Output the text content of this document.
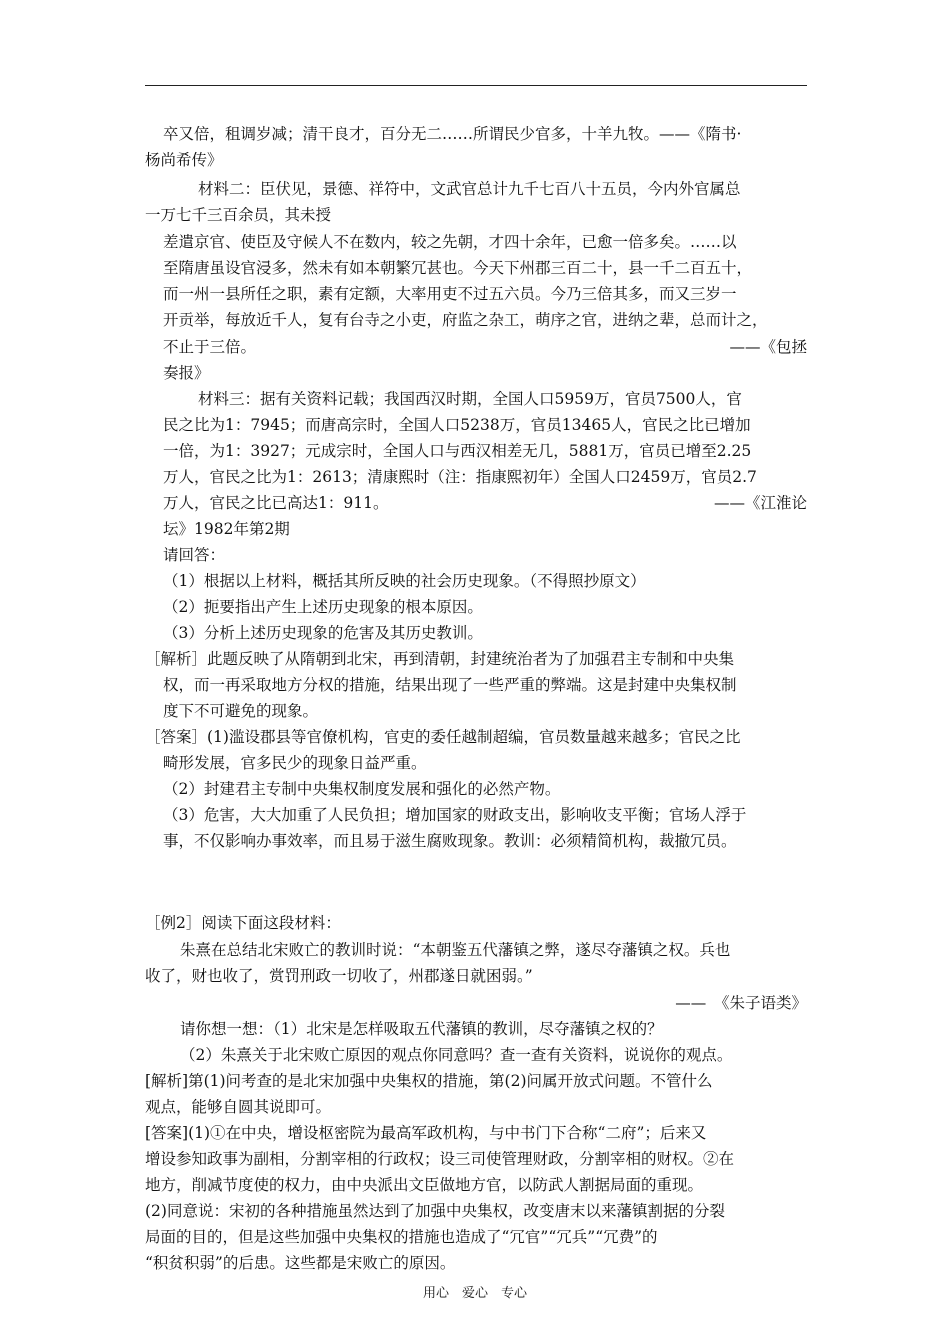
卒又倍，租调岁减；清干良才，百分无二……所谓民少官多，十羊九牧。——《隋书·
杨尚希传》
材料二：臣伏见，景德、祥符中，文武官总计九千七百八十五员，今内外官属总
一万七千三百余员，其未授
差遣京官、使臣及守候人不在数内，较之先朝，才四十余年，已愈一倍多矣。……以
至隋唐虽设官浸多，然未有如本朝繁冗甚也。今天下州郡三百二十，县一千二百五十，
而一州一县所任之职，素有定额，大率用吏不过五六员。今乃三倍其多，而又三岁一
开贡举，每放近千人，复有台寺之小吏，府监之杂工，萌序之官，进纳之辈，总而计之，
不止于三倍。	——《包拯
奏报》
材料三：据有关资料记载；我国西汉时期，全国人口5959万，官员7500人，官
民之比为1：7945；而唐高宗时，全国人口5238万，官员13465人，官民之比已增加
一倍，为1：3927；元成宗时，全国人口与西汉相差无几，5881万，官员已增至2.25
万人，官民之比为1：2613；清康熙时（注：指康熙初年）全国人口2459万，官员2.7
万人，官民之比已高达1：911。	——《江淮论
坛》1982年第2期
请回答：
（1）根据以上材料，概括其所反映的社会历史现象。（不得照抄原文）
（2）扼要指出产生上述历史现象的根本原因。
（3）分析上述历史现象的危害及其历史教训。
［解析］此题反映了从隋朝到北宋，再到清朝，封建统治者为了加强君主专制和中央集
权，而一再采取地方分权的措施，结果出现了一些严重的弊端。这是封建中央集权制
度下不可避免的现象。
［答案］(1)滥设郡县等官僚机构，官吏的委任越制超编，官员数量越来越多；官民之比
畸形发展，官多民少的现象日益严重。
（2）封建君主专制中央集权制度发展和强化的必然产物。
（3）危害，大大加重了人民负担；增加国家的财政支出，影响收支平衡；官场人浮于
事，不仅影响办事效率，而且易于滋生腐败现象。教训：必须精简机构，裁撤冗员。
［例2］阅读下面这段材料：
朱熹在总结北宋败亡的教训时说：“本朝鉴五代藩镇之弊，遂尽夺藩镇之权。兵也
收了，财也收了，赏罚刑政一切收了，州郡遂日就困弱。”
——　《朱子语类》
请你想一想：（1）北宋是怎样吸取五代藩镇的教训，尽夺藩镇之权的？
（2）朱熹关于北宋败亡原因的观点你同意吗？查一查有关资料，说说你的观点。
[解析]第(1)问考查的是北宋加强中央集权的措施，第(2)问属开放式问题。不管什么
观点，能够自圆其说即可。
[答案](1)①在中央，增设枢密院为最高军政机构，与中书门下合称“二府”；后来又
增设参知政事为副相，分割宰相的行政权；设三司使管理财政，分割宰相的财权。②在
地方，削减节度使的权力，由中央派出文臣做地方官，以防武人割据局面的重现。
(2)同意说：宋初的各种措施虽然达到了加强中央集权，改变唐末以来藩镇割据的分裂
局面的目的，但是这些加强中央集权的措施也造成了“冗官”“冗兵”“冗费”的
“积贫积弱”的后患。这些都是宋败亡的原因。
用心　爱心　专心
